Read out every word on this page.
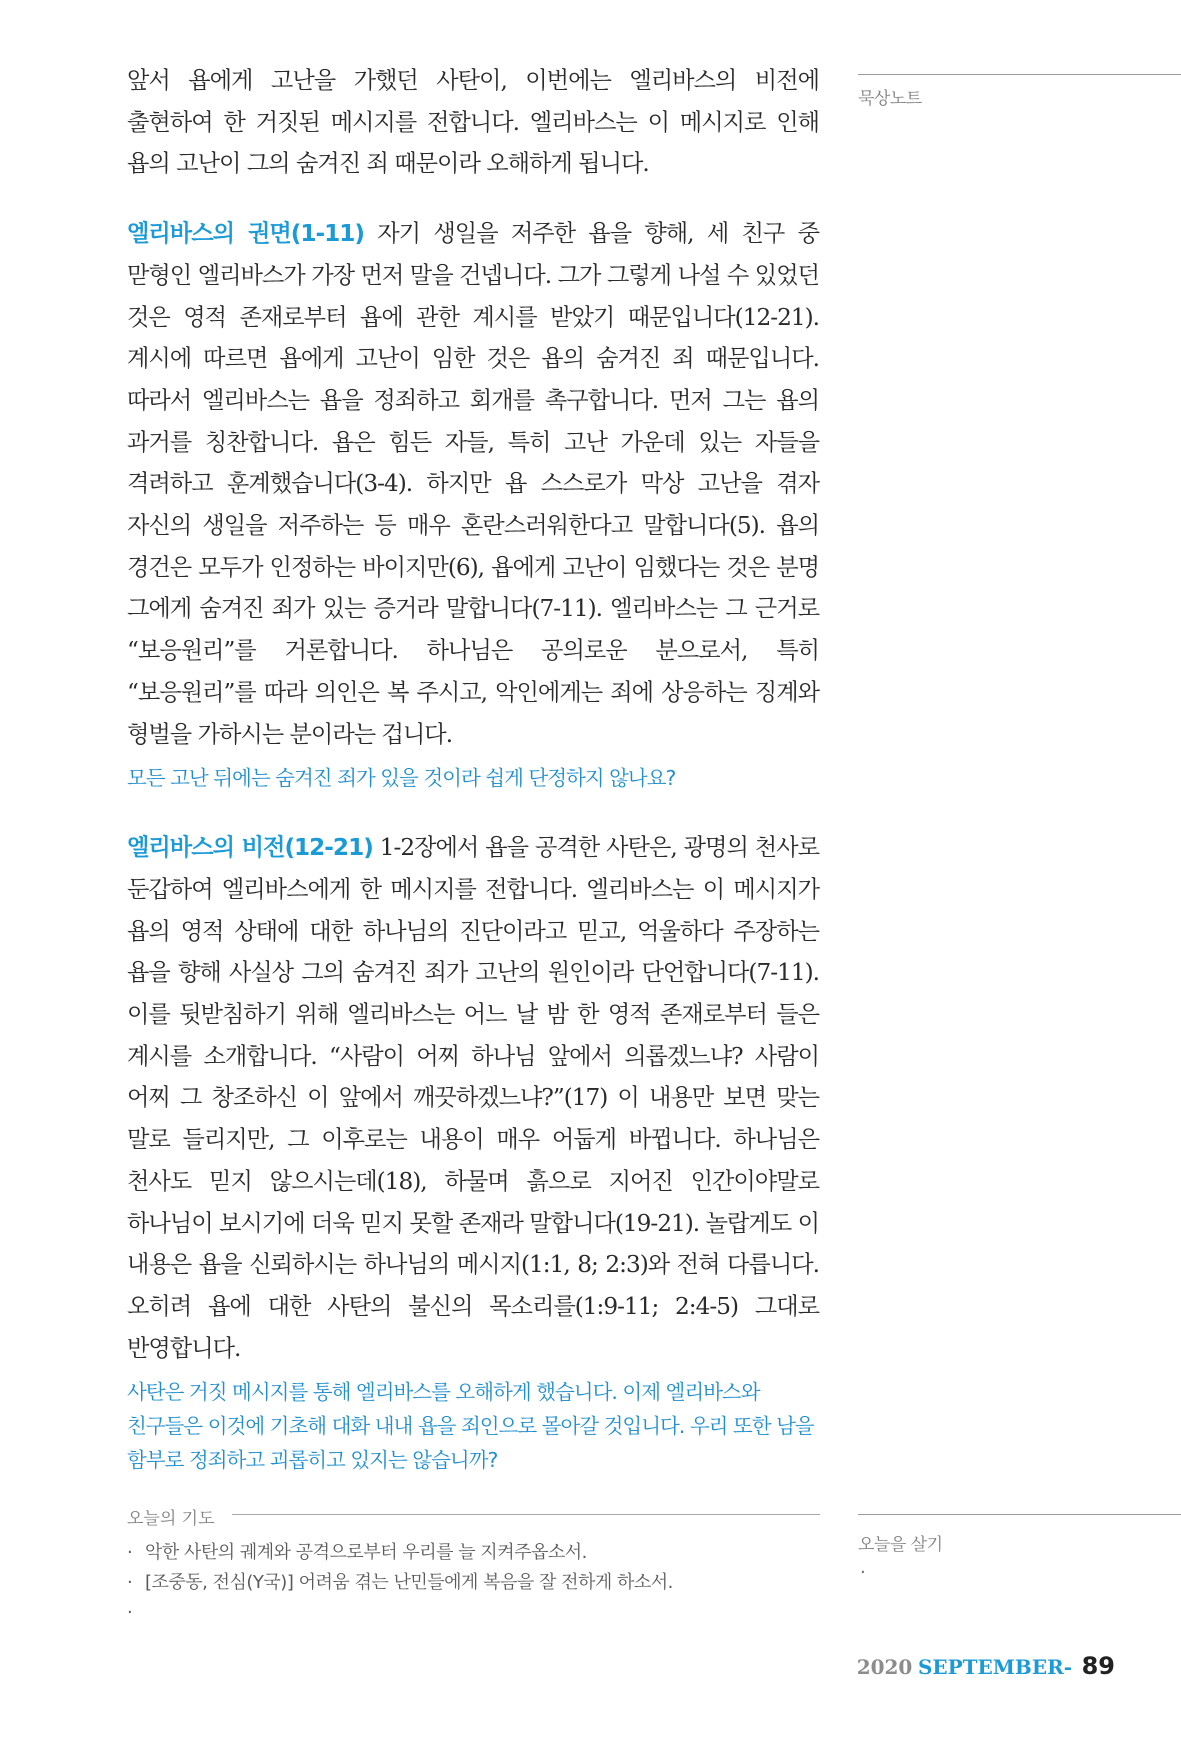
묵상노트
오늘을 살기
·

앞서 욥에게 고난을 가했던 사탄이, 이번에는 엘리바스의 비전에 출현하여 한 거짓된 메시지를 전합니다. 엘리바스는 이 메시지로 인해 욥의 고난이 그의 숨겨진 죄 때문이라 오해하게 됩니다.

엘리바스의 권면(1-11) 자기 생일을 저주한 욥을 향해, 세 친구 중 맏형인 엘리바스가 가장 먼저 말을 건넵니다. 그가 그렇게 나설 수 있었던 것은 영적 존재로부터 욥에 관한 계시를 받았기 때문입니다(12-21). 계시에 따르면 욥에게 고난이 임한 것은 욥의 숨겨진 죄 때문입니다. 따라서 엘리바스는 욥을 정죄하고 회개를 촉구합니다. 먼저 그는 욥의 과거를 칭찬합니다. 욥은 힘든 자들, 특히 고난 가운데 있는 자들을 격려하고 훈계했습니다(3-4). 하지만 욥 스스로가 막상 고난을 겪자 자신의 생일을 저주하는 등 매우 혼란스러워한다고 말합니다(5). 욥의 경건은 모두가 인정하는 바이지만(6), 욥에게 고난이 임했다는 것은 분명 그에게 숨겨진 죄가 있는 증거라 말합니다(7-11). 엘리바스는 그 근거로 “보응원리”를 거론합니다. 하나님은 공의로운 분으로서, 특히 “보응원리”를 따라 의인은 복 주시고, 악인에게는 죄에 상응하는 징계와 형벌을 가하시는 분이라는 겁니다.

모든 고난 뒤에는 숨겨진 죄가 있을 것이라 쉽게 단정하지 않나요?

엘리바스의 비전(12-21) 1-2장에서 욥을 공격한 사탄은, 광명의 천사로 둔갑하여 엘리바스에게 한 메시지를 전합니다. 엘리바스는 이 메시지가 욥의 영적 상태에 대한 하나님의 진단이라고 믿고, 억울하다 주장하는 욥을 향해 사실상 그의 숨겨진 죄가 고난의 원인이라 단언합니다(7-11). 이를 뒷받침하기 위해 엘리바스는 어느 날 밤 한 영적 존재로부터 들은 계시를 소개합니다. “사람이 어찌 하나님 앞에서 의롭겠느냐? 사람이 어찌 그 창조하신 이 앞에서 깨끗하겠느냐?”(17) 이 내용만 보면 맞는 말로 들리지만, 그 이후로는 내용이 매우 어둡게 바뀝니다. 하나님은 천사도 믿지 않으시는데(18), 하물며 흙으로 지어진 인간이야말로 하나님이 보시기에 더욱 믿지 못할 존재라 말합니다(19-21). 놀랍게도 이 내용은 욥을 신뢰하시는 하나님의 메시지(1:1, 8; 2:3)와 전혀 다릅니다. 오히려 욥에 대한 사탄의 불신의 목소리를(1:9-11; 2:4-5) 그대로 반영합니다.

사탄은 거짓 메시지를 통해 엘리바스를 오해하게 했습니다. 이제 엘리바스와 친구들은 이것에 기초해 대화 내내 욥을 죄인으로 몰아갈 것입니다. 우리 또한 남을 함부로 정죄하고 괴롭히고 있지는 않습니까?

오늘의 기도
· 악한 사탄의 궤계와 공격으로부터 우리를 늘 지켜주옵소서.
· [조중동, 전심(Y국)] 어려움 겪는 난민들에게 복음을 잘 전하게 하소서.
·
2020 SEPTEMBER- 89
